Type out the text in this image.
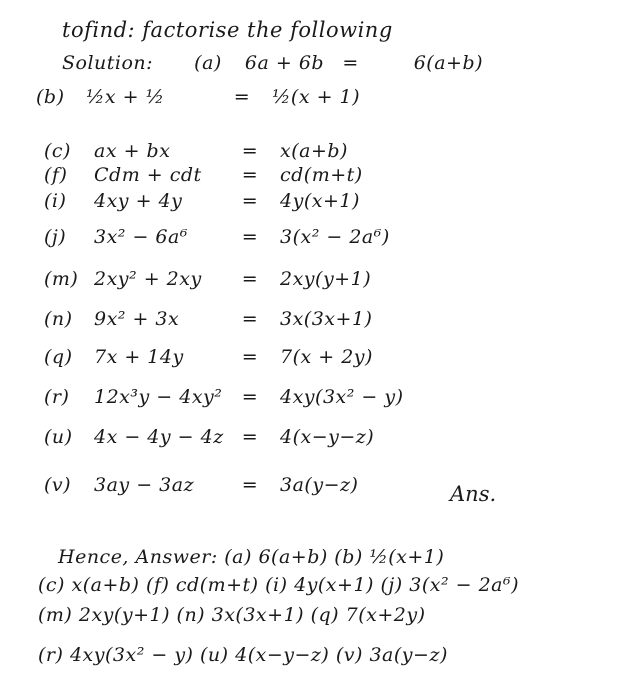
tofind: factorise the following
Solution: (a) 6a + 6b =	6(a+b)
(b) ½x + ½	= ½(x + 1)
(c) ax + bx	= x(a+b)
(f) Cdm + cdt = cd(m+t)
(i) 4xy + 4y	= 4y(x+1)
(j) 3x² − 6a⁶	= 3(x² − 2a⁶)
(m) 2xy² + 2xy = 2xy(y+1)
(n) 9x² + 3x	= 3x(3x+1)
(q) 7x + 14y	= 7(x + 2y)
(r) 12x³y − 4xy² = 4xy(3x² − y)
(u) 4x − 4y − 4z = 4(x−y−z)
(v) 3ay − 3az	= 3a(y−z)	Ans.
Hence, Answer: (a) 6(a+b) (b) ½(x+1)
(c) x(a+b) (f) cd(m+t) (i) 4y(x+1) (j) 3(x² − 2a⁶)
(m) 2xy(y+1) (n) 3x(3x+1) (q) 7(x+2y)
(r) 4xy(3x² − y) (u) 4(x−y−z) (v) 3a(y−z)
